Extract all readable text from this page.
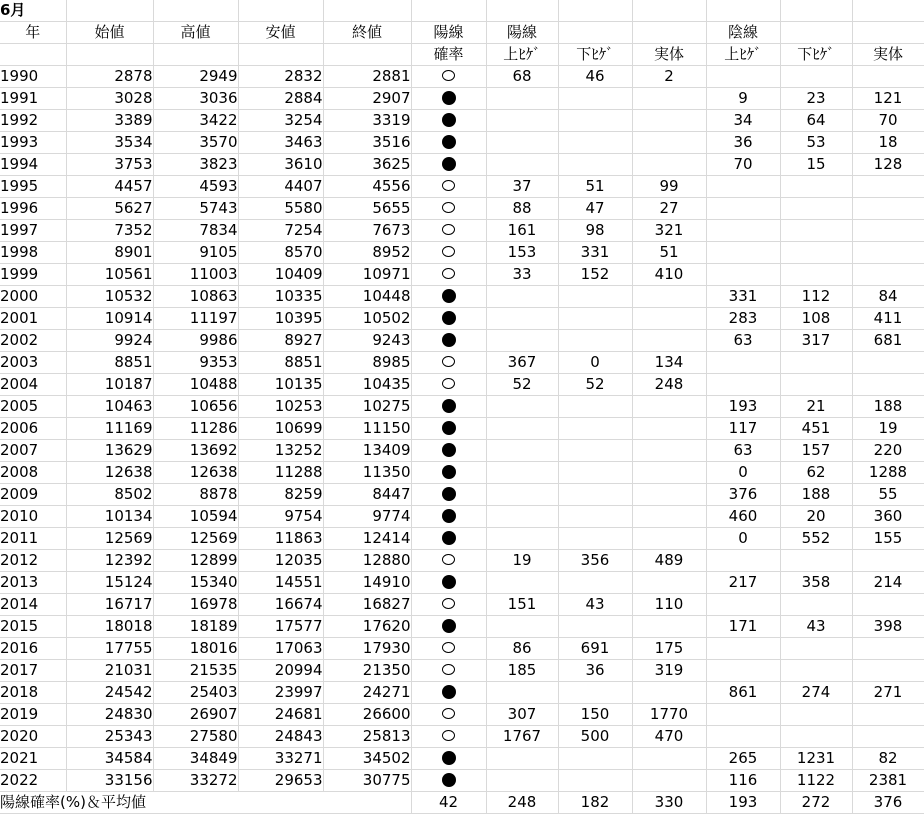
6月											
年	始値	高値	安値	終値	陽線	陽線			陰線		
					確率	上ﾋｹﾞ	下ﾋｹﾞ	実体	上ﾋｹﾞ	下ﾋｹﾞ	実体
1990	2878	2949	2832	2881		68	46	2			
1991	3028	3036	2884	2907					9	23	121
1992	3389	3422	3254	3319					34	64	70
1993	3534	3570	3463	3516					36	53	18
1994	3753	3823	3610	3625					70	15	128
1995	4457	4593	4407	4556		37	51	99			
1996	5627	5743	5580	5655		88	47	27			
1997	7352	7834	7254	7673		161	98	321			
1998	8901	9105	8570	8952		153	331	51			
1999	10561	11003	10409	10971		33	152	410			
2000	10532	10863	10335	10448					331	112	84
2001	10914	11197	10395	10502					283	108	411
2002	9924	9986	8927	9243					63	317	681
2003	8851	9353	8851	8985		367	0	134			
2004	10187	10488	10135	10435		52	52	248			
2005	10463	10656	10253	10275					193	21	188
2006	11169	11286	10699	11150					117	451	19
2007	13629	13692	13252	13409					63	157	220
2008	12638	12638	11288	11350					0	62	1288
2009	8502	8878	8259	8447					376	188	55
2010	10134	10594	9754	9774					460	20	360
2011	12569	12569	11863	12414					0	552	155
2012	12392	12899	12035	12880		19	356	489			
2013	15124	15340	14551	14910					217	358	214
2014	16717	16978	16674	16827		151	43	110			
2015	18018	18189	17577	17620					171	43	398
2016	17755	18016	17063	17930		86	691	175			
2017	21031	21535	20994	21350		185	36	319			
2018	24542	25403	23997	24271					861	274	271
2019	24830	26907	24681	26600		307	150	1770			
2020	25343	27580	24843	25813		1767	500	470			
2021	34584	34849	33271	34502					265	1231	82
2022	33156	33272	29653	30775					116	1122	2381
陽線確率(%)＆平均値					42	248	182	330	193	272	376
